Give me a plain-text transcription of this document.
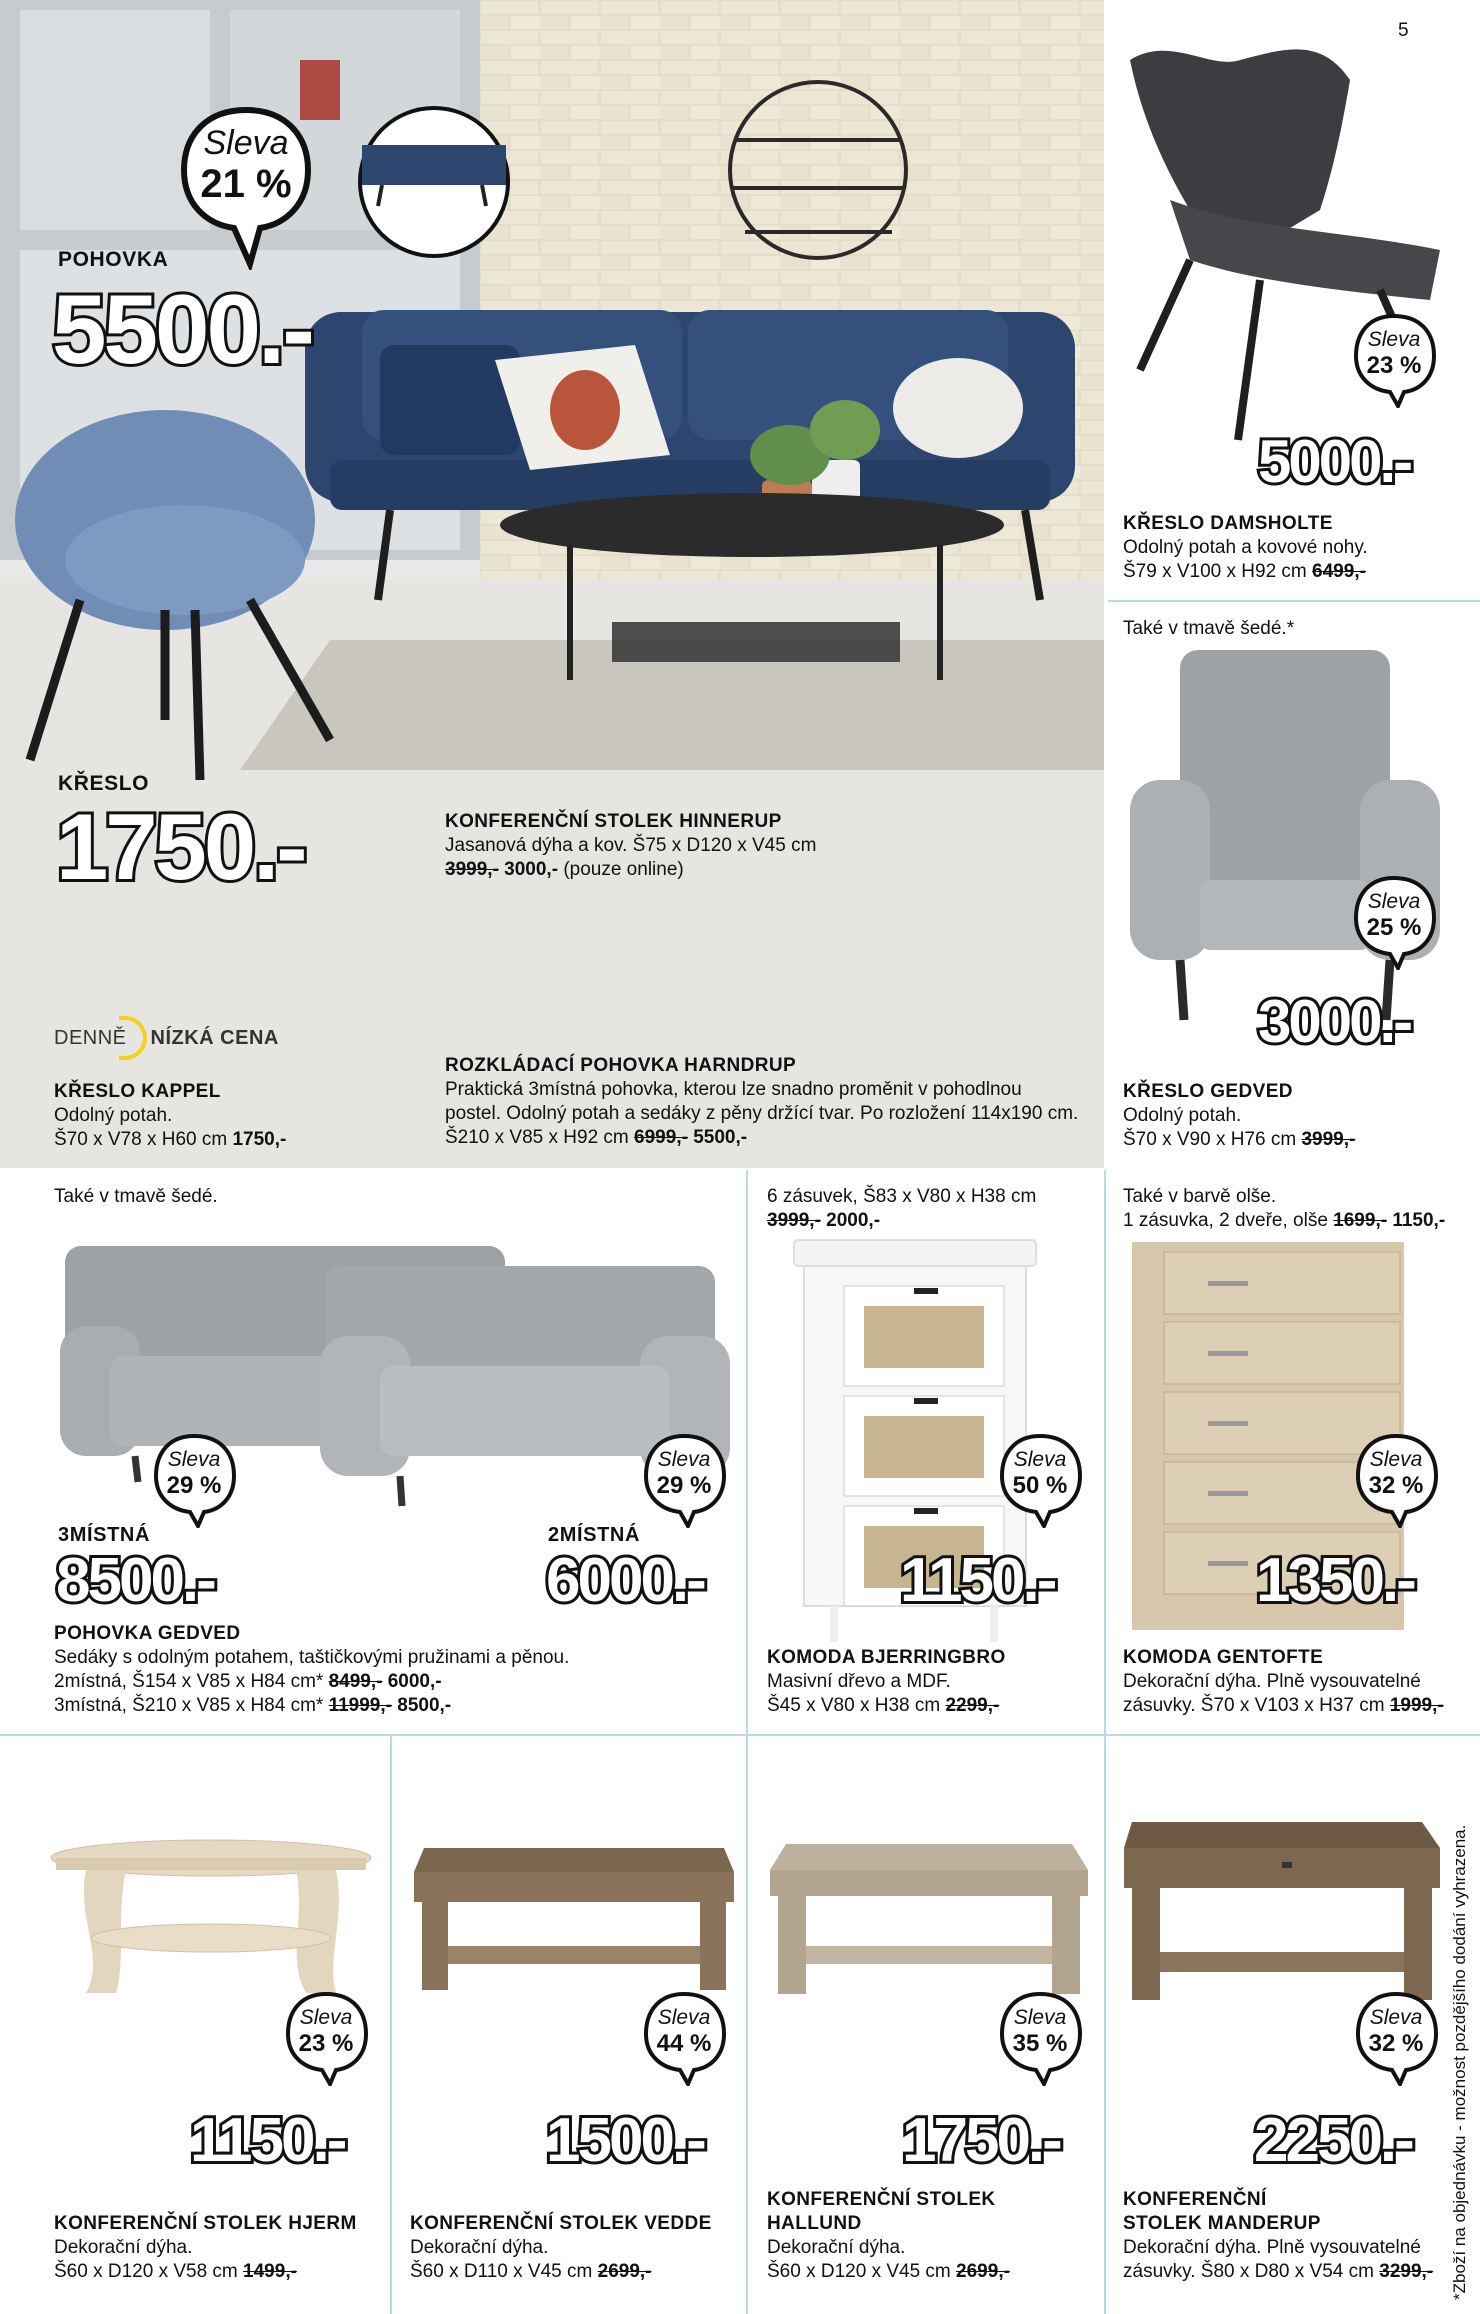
Sleva
21 %
POHOVKA
5500.-
KŘESLO
1750.-
DENNĚ NÍZKÁ CENA
KŘESLO KAPPEL
Odolný potah.
Š70 x V78 x H60 cm 1750,-
KONFERENČNÍ STOLEK HINNERUP
Jasanová dýha a kov. Š75 x D120 x V45 cm
3999,- 3000,- (pouze online)
ROZKLÁDACÍ POHOVKA HARNDRUP
Praktická 3místná pohovka, kterou lze snadno proměnit v pohodlnou
postel. Odolný potah a sedáky z pěny držící tvar. Po rozložení 114x190 cm.
Š210 x V85 x H92 cm 6999,- 5500,-
5
Sleva
23 %
5000.-
KŘESLO DAMSHOLTE
Odolný potah a kovové nohy.
Š79 x V100 x H92 cm 6499,-
Také v tmavě šedé.*
Sleva
25 %
3000.-
KŘESLO GEDVED
Odolný potah.
Š70 x V90 x H76 cm 3999,-
Také v tmavě šedé.
Sleva
29 %
Sleva
29 %
3MÍSTNÁ
8500.-
2MÍSTNÁ
6000.-
POHOVKA GEDVED
Sedáky s odolným potahem, taštičkovými pružinami a pěnou.
2místná, Š154 x V85 x H84 cm* 8499,- 6000,-
3místná, Š210 x V85 x H84 cm* 11999,- 8500,-
6 zásuvek, Š83 x V80 x H38 cm
3999,- 2000,-
Sleva
50 %
1150.-
KOMODA BJERRINGBRO
Masivní dřevo a MDF.
Š45 x V80 x H38 cm 2299,-
Také v barvě olše.
1 zásuvka, 2 dveře, olše 1699,- 1150,-
Sleva
32 %
1350.-
KOMODA GENTOFTE
Dekorační dýha. Plně vysouvatelné
zásuvky. Š70 x V103 x H37 cm 1999,-
Sleva
23 %
1150.-
KONFERENČNÍ STOLEK HJERM
Dekorační dýha.
Š60 x D120 x V58 cm 1499,-
Sleva
44 %
1500.-
KONFERENČNÍ STOLEK VEDDE
Dekorační dýha.
Š60 x D110 x V45 cm 2699,-
Sleva
35 %
1750.-
KONFERENČNÍ STOLEK
HALLUND
Dekorační dýha.
Š60 x D120 x V45 cm 2699,-
Sleva
32 %
2250.-
KONFERENČNÍ
STOLEK MANDERUP
Dekorační dýha. Plně vysouvatelné
zásuvky. Š80 x D80 x V54 cm 3299,- *Zboží na objednávku - možnost pozdějšího dodání vyhrazena.
